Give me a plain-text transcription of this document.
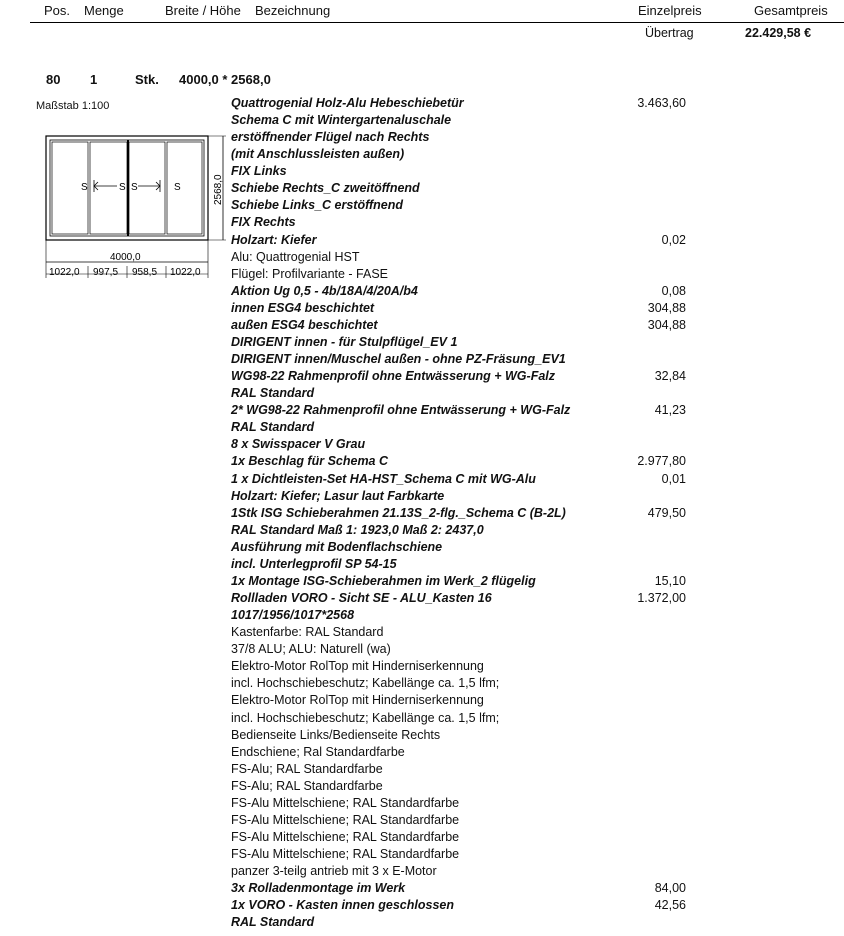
Pos. Menge	Breite / Höhe Bezeichnung	Einzelpreis	Gesamtpreis
Übertrag	22.429,58 €
80 1	Stk. 4000,0 * 2568,0
Maßstab 1:100
S	S S	S	2568,0
4000,0
1022,0 997,5 958,5 1022,0
Quattrogenial Holz-Alu Hebeschiebetür	3.463,60
Schema C mit Wintergartenaluschale
erstöffnender Flügel nach Rechts
(mit Anschlussleisten außen)
FIX Links
Schiebe Rechts_C zweitöffnend
Schiebe Links_C erstöffnend
FIX Rechts
Holzart: Kiefer	0,02
Alu: Quattrogenial HST
Flügel: Profilvariante - FASE
Aktion Ug 0,5 - 4b/18A/4/20A/b4	0,08
innen ESG4 beschichtet	304,88
außen ESG4 beschichtet	304,88
DIRIGENT innen - für Stulpflügel_EV 1
DIRIGENT innen/Muschel außen - ohne PZ-Fräsung_EV1
WG98-22 Rahmenprofil ohne Entwässerung + WG-Falz	32,84
RAL Standard
2* WG98-22 Rahmenprofil ohne Entwässerung + WG-Falz	41,23
RAL Standard
8 x Swisspacer V Grau
1x Beschlag für Schema C	2.977,80
1 x Dichtleisten-Set HA-HST_Schema C mit WG-Alu	0,01
Holzart: Kiefer; Lasur laut Farbkarte
1Stk ISG Schieberahmen 21.13S_2-flg._Schema C (B-2L)	479,50
RAL Standard Maß 1: 1923,0 Maß 2: 2437,0
Ausführung mit Bodenflachschiene
incl. Unterlegprofil SP 54-15
1x Montage ISG-Schieberahmen im Werk_2 flügelig	15,10
Rollladen VORO - Sicht SE - ALU_Kasten 16	1.372,00
1017/1956/1017*2568
Kastenfarbe: RAL Standard
37/8 ALU; ALU: Naturell (wa)
Elektro-Motor RolTop mit Hinderniserkennung
incl. Hochschiebeschutz; Kabellänge ca. 1,5 lfm;
Elektro-Motor RolTop mit Hinderniserkennung
incl. Hochschiebeschutz; Kabellänge ca. 1,5 lfm;
Bedienseite Links/Bedienseite Rechts
Endschiene; Ral Standardfarbe
FS-Alu; RAL Standardfarbe
FS-Alu; RAL Standardfarbe
FS-Alu Mittelschiene; RAL Standardfarbe
FS-Alu Mittelschiene; RAL Standardfarbe
FS-Alu Mittelschiene; RAL Standardfarbe
FS-Alu Mittelschiene; RAL Standardfarbe
panzer 3-teilg antrieb mit 3 x E-Motor
3x Rolladenmontage im Werk	84,00
1x VORO - Kasten innen geschlossen	42,56
RAL Standard
